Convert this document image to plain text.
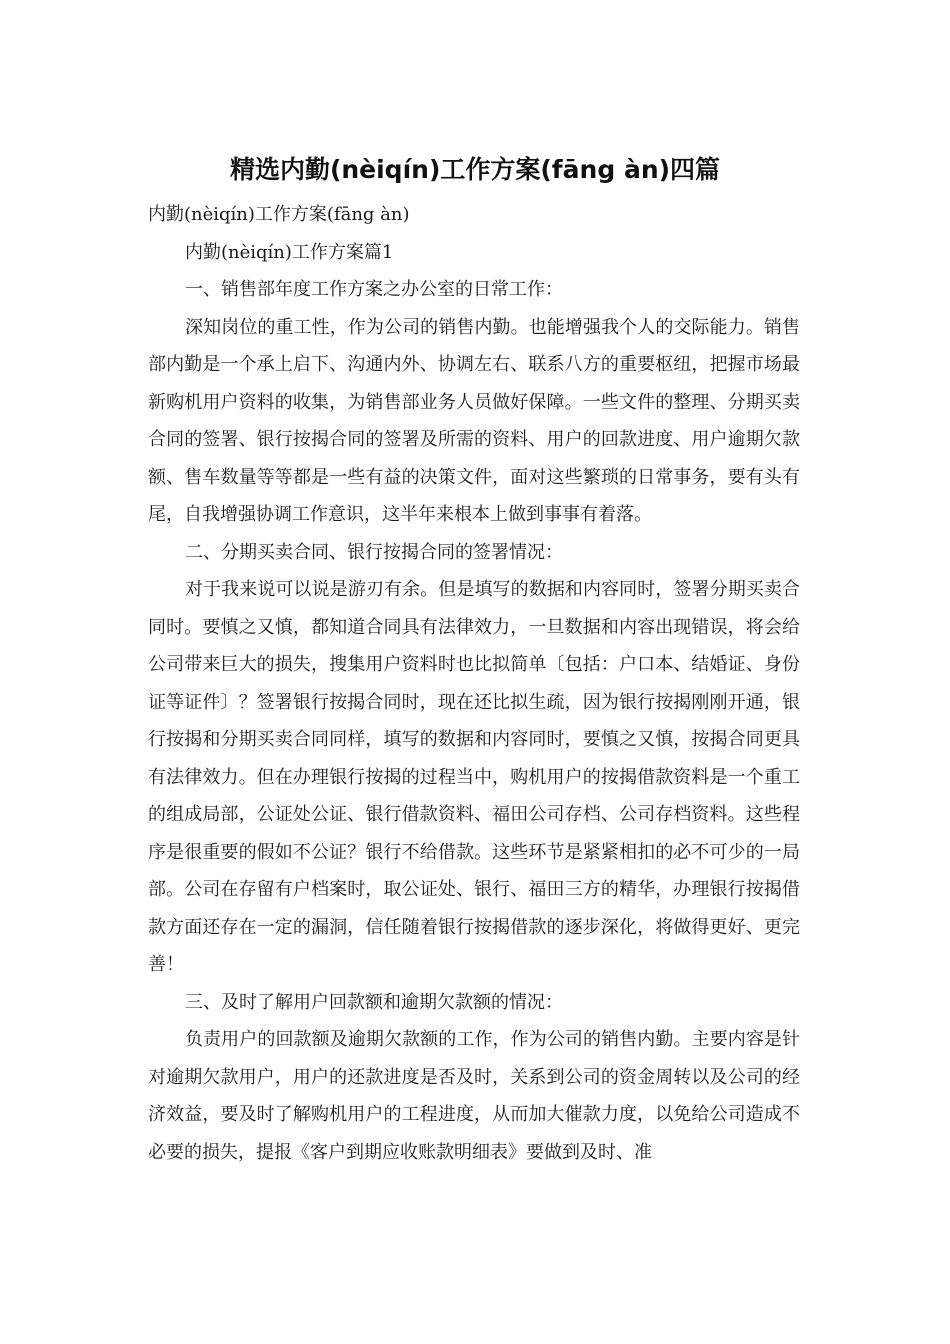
精选内勤(nèiqín)工作方案(fāng àn)四篇

内勤(nèiqín)工作方案(fāng àn)

内勤(nèiqín)工作方案篇1

一、销售部年度工作方案之办公室的日常工作：

深知岗位的重工性，作为公司的销售内勤。也能增强我个人的交际能力。销售部内勤是一个承上启下、沟通内外、协调左右、联系八方的重要枢纽，把握市场最新购机用户资料的收集，为销售部业务人员做好保障。一些文件的整理、分期买卖合同的签署、银行按揭合同的签署及所需的资料、用户的回款进度、用户逾期欠款额、售车数量等等都是一些有益的决策文件，面对这些繁琐的日常事务，要有头有尾，自我增强协调工作意识，这半年来根本上做到事事有着落。

二、分期买卖合同、银行按揭合同的签署情况：

对于我来说可以说是游刃有余。但是填写的数据和内容同时，签署分期买卖合同时。要慎之又慎，都知道合同具有法律效力，一旦数据和内容出现错误，将会给公司带来巨大的损失，搜集用户资料时也比拟简单〔包括：户口本、结婚证、身份证等证件〕？签署银行按揭合同时，现在还比拟生疏，因为银行按揭刚刚开通，银行按揭和分期买卖合同同样，填写的数据和内容同时，要慎之又慎，按揭合同更具有法律效力。但在办理银行按揭的过程当中，购机用户的按揭借款资料是一个重工的组成局部，公证处公证、银行借款资料、福田公司存档、公司存档资料。这些程序是很重要的假如不公证？银行不给借款。这些环节是紧紧相扣的必不可少的一局部。公司在存留有户档案时，取公证处、银行、福田三方的精华，办理银行按揭借款方面还存在一定的漏洞，信任随着银行按揭借款的逐步深化，将做得更好、更完善！

三、及时了解用户回款额和逾期欠款额的情况：

负责用户的回款额及逾期欠款额的工作，作为公司的销售内勤。主要内容是针对逾期欠款用户，用户的还款进度是否及时，关系到公司的资金周转以及公司的经济效益，要及时了解购机用户的工程进度，从而加大催款力度，以免给公司造成不必要的损失，提报《客户到期应收账款明细表》要做到及时、准
